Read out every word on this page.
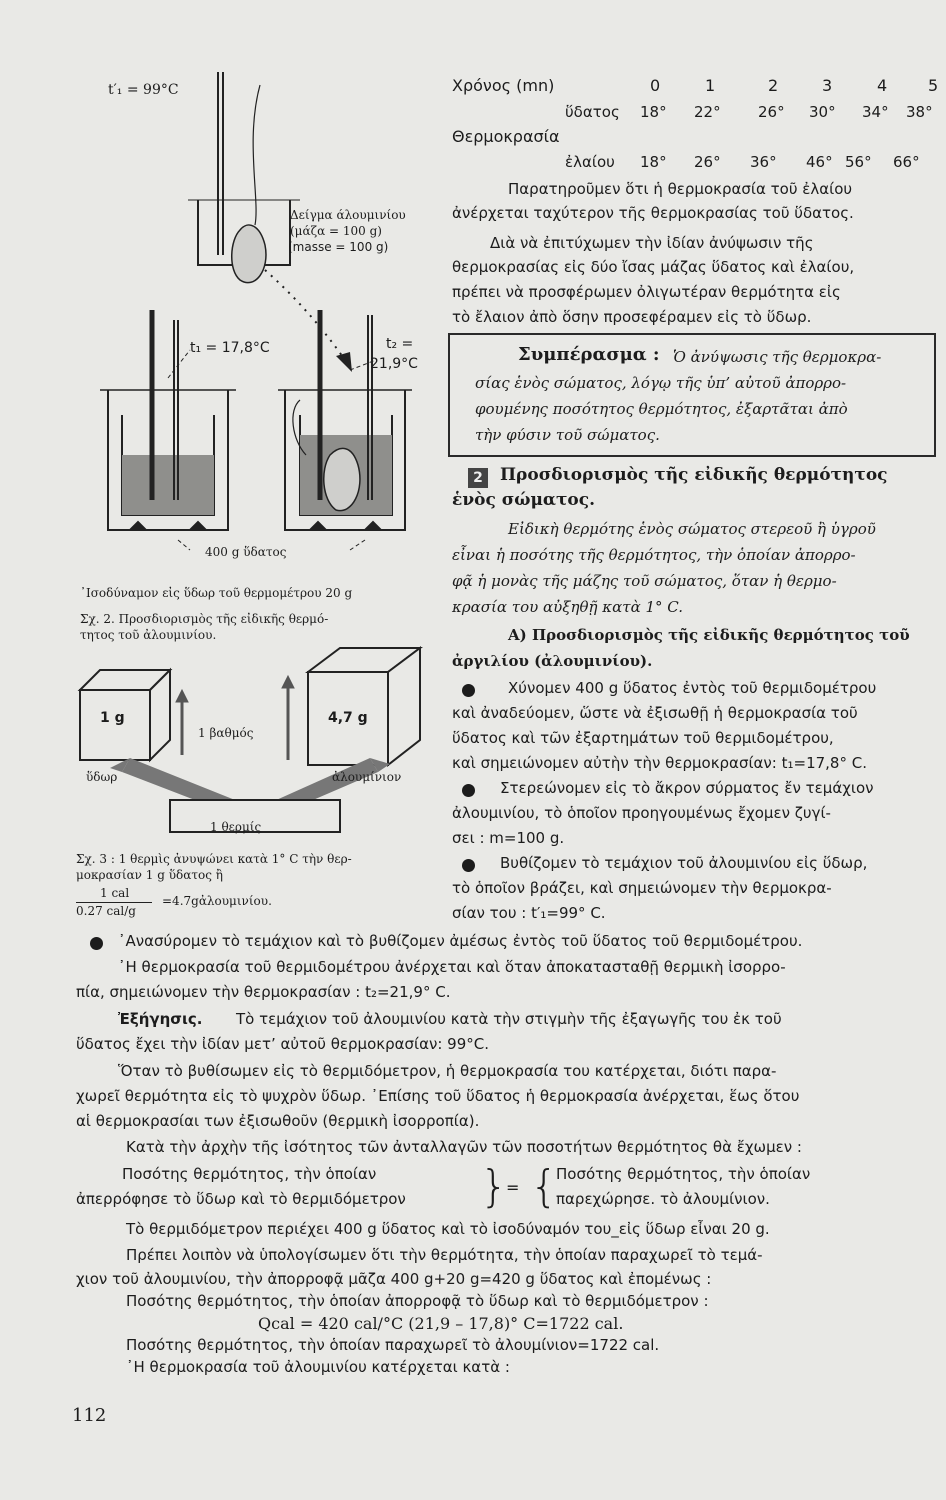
t′₁ = 99°C
Δείγμα άλουμινίου
(μάζα = 100 g)
(masse = 100 g)
t₁ = 17,8°C	t₂ =
21,9°C
400 g ὕδατος
᾿Ισοδύναμον εἰς ὕδωρ τοῦ θερμομέτρου 20 g
Σχ. 2. Προσδιορισμὸς τῆς εἰδικῆς θερμό-
τητος τοῦ ἀλουμινίου.
1 g	4,7 g
1 βαθμός
ὕδωρ	ἀλουμίνιον
1 θερμίς
Σχ. 3 : 1 θερμὶς ἀνυψώνει κατὰ 1° C τὴν θερ-
μοκρασίαν 1 g ὕδατος ἢ
1 cal
0.27 cal/g
=4.7gἀλουμινίου.
Χρόνος (mn)	0	1	2	3	4	5
ὕδατος 18° 22° 26° 30° 34° 38°
Θερμοκρασία
ἐλαίου 18° 26° 36° 46° 56° 66°
Παρατηροῦμεν ὅτι ἡ θερμοκρασία τοῦ ἐλαίου
ἀνέρχεται ταχύτερον τῆς θερμοκρασίας τοῦ ὕδατος.
Διὰ νὰ ἐπιτύχωμεν τὴν ἰδίαν ἀνύψωσιν τῆς
θερμοκρασίας εἰς δύο ἴσας μάζας ὕδατος καὶ ἐλαίου,
πρέπει νὰ προσφέρωμεν ὀλιγωτέραν θερμότητα εἰς
τὸ ἔλαιον ἀπὸ ὅσην προσεφέραμεν εἰς τὸ ὕδωρ.
Συμπέρασμα : Ὁ ἀνύψωσις τῆς θερμοκρα-
σίας ἑνὸς σώματος, λόγῳ τῆς ὑπ’ αὐτοῦ ἀπορρο-
φουμένης ποσότητος θερμότητος, ἐξαρτᾶται ἀπὸ
τὴν φύσιν τοῦ σώματος.
2	Προσδιορισμὸς τῆς εἰδικῆς θερμότητος
ἑνὸς σώματος.
Εἰδικὴ θερμότης ἑνὸς σώματος στερεοῦ ἢ ὑγροῦ
εἶναι ἡ ποσότης τῆς θερμότητος, τὴν ὁποίαν ἀπορρο-
φᾷ ἡ μονὰς τῆς μάζης τοῦ σώματος, ὅταν ἡ θερμο-
κρασία του αὐξηθῇ κατὰ 1° C.
Α) Προσδιορισμὸς τῆς εἰδικῆς θερμότητος τοῦ
ἀργιλίου (ἀλουμινίου).
Χύνομεν 400 g ὕδατος ἐντὸς τοῦ θερμιδομέτρου
καὶ ἀναδεύομεν, ὥστε νὰ ἐξισωθῇ ἡ θερμοκρασία τοῦ
ὕδατος καὶ τῶν ἐξαρτημάτων τοῦ θερμιδομέτρου,
καὶ σημειώνομεν αὐτὴν τὴν θερμοκρασίαν: t₁=17,8° C.
Στερεώνομεν εἰς τὸ ἄκρον σύρματος ἔν τεμάχιον
ἀλουμινίου, τὸ ὁποῖον προηγουμένως ἔχομεν ζυγί-
σει : m=100 g.
Βυθίζομεν τὸ τεμάχιον τοῦ ἀλουμινίου εἰς ὕδωρ,
τὸ ὁποῖον βράζει, καὶ σημειώνομεν τὴν θερμοκρα-
σίαν του : t′₁=99° C.
᾽Ανασύρομεν τὸ τεμάχιον καὶ τὸ βυθίζομεν ἀμέσως ἐντὸς τοῦ ὕδατος τοῦ θερμιδομέτρου.
᾿Η θερμοκρασία τοῦ θερμιδομέτρου ἀνέρχεται καὶ ὅταν ἀποκατασταθῇ θερμικὴ ἰσορρο-
πία, σημειώνομεν τὴν θερμοκρασίαν : t₂=21,9° C.
Ἐξήγησις. Τὸ τεμάχιον τοῦ ἀλουμινίου κατὰ τὴν στιγμὴν τῆς ἐξαγωγῆς του ἐκ τοῦ
ὕδατος ἔχει τὴν ἰδίαν μετ’ αὐτοῦ θερμοκρασίαν: 99°C.
Ὅταν τὸ βυθίσωμεν εἰς τὸ θερμιδόμετρον, ἡ θερμοκρασία του κατέρχεται, διότι παρα-
χωρεῖ θερμότητα εἰς τὸ ψυχρὸν ὕδωρ. ᾿Επίσης τοῦ ὕδατος ἡ θερμοκρασία ἀνέρχεται, ἕως ὅτου
αἱ θερμοκρασίαι των ἐξισωθοῦν (θερμικὴ ἰσορροπία).
Κατὰ τὴν ἀρχὴν τῆς ἰσότητος τῶν ἀνταλλαγῶν τῶν ποσοτήτων θερμότητος θὰ ἔχωμεν :
Ποσότης θερμότητος, τὴν ὁποίαν
ἀπερρόφησε τὸ ὕδωρ καὶ τὸ θερμιδόμετρον }
= {
Ποσότης θερμότητος, τὴν ὁποίαν
παρεχώρησε. τὸ ἀλουμίνιον.
Τὸ θερμιδόμετρον περιέχει 400 g ὕδατος καὶ τὸ ἰσοδύναμόν του_εἰς ὕδωρ εἶναι 20 g.
Πρέπει λοιπὸν νὰ ὑπολογίσωμεν ὅτι τὴν θερμότητα, τὴν ὁποίαν παραχωρεῖ τὸ τεμά-
χιον τοῦ ἀλουμινίου, τὴν ἀπορροφᾷ μᾶζα 400 g+20 g=420 g ὕδατος καὶ ἐπομένως :
Ποσότης θερμότητος, τὴν ὁποίαν ἀπορροφᾷ τὸ ὕδωρ καὶ τὸ θερμιδόμετρον :
Qcal = 420 cal/°C (21,9 – 17,8)° C=1722 cal.
Ποσότης θερμότητος, τὴν ὁποίαν παραχωρεῖ τὸ ἀλουμίνιον=1722 cal.
᾿Η θερμοκρασία τοῦ ἀλουμινίου κατέρχεται κατὰ :
112
